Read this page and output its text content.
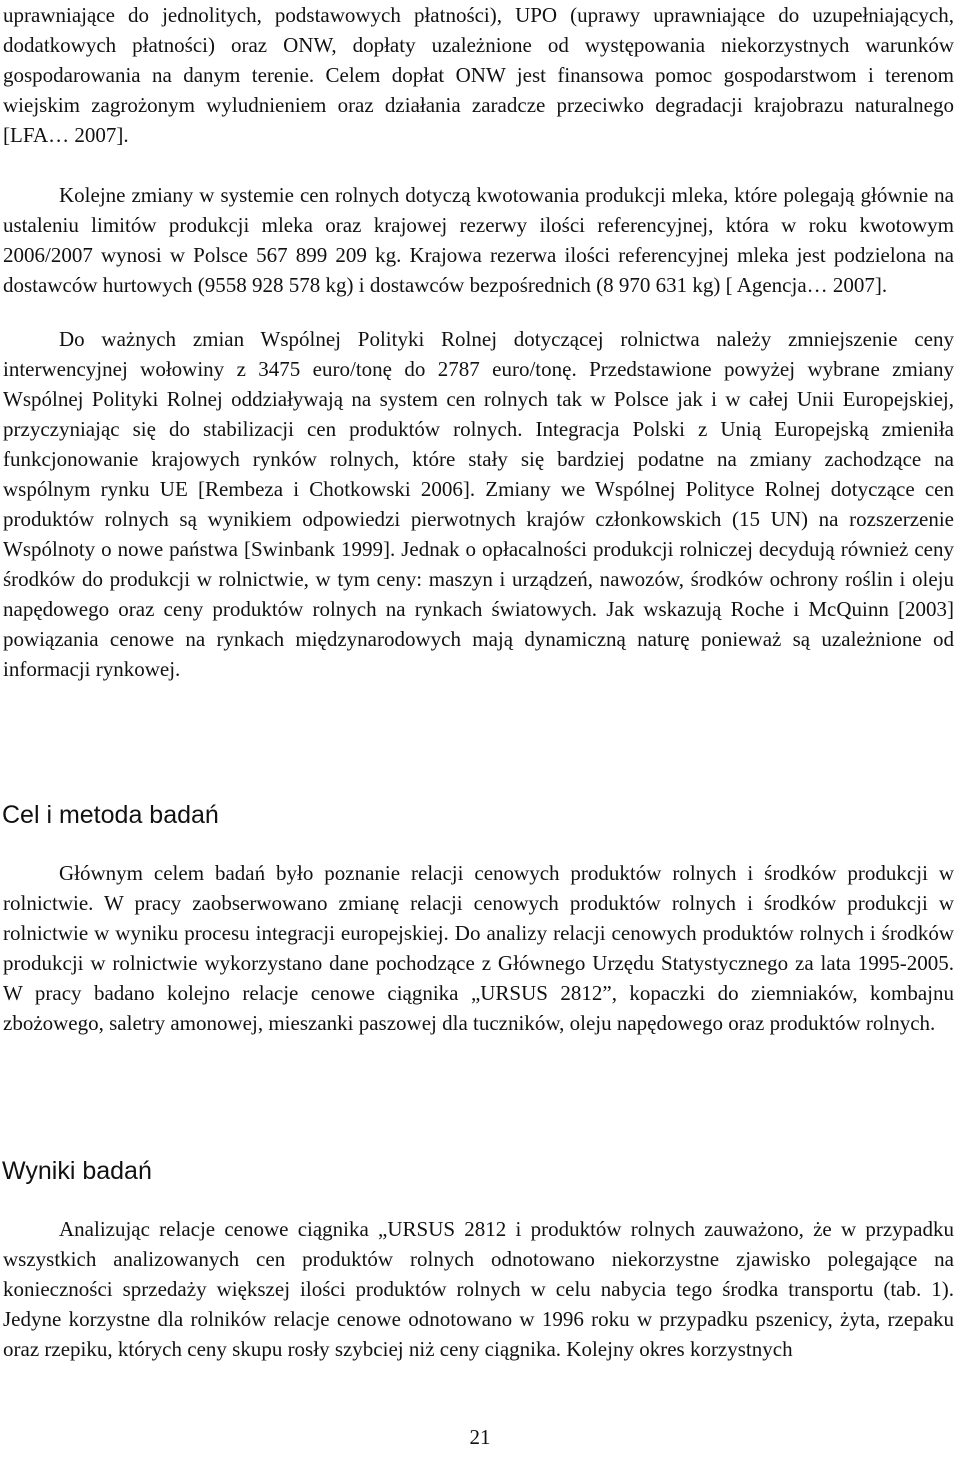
uprawniające do jednolitych, podstawowych płatności), UPO (uprawy uprawniające do uzupełniających, dodatkowych płatności) oraz ONW, dopłaty uzależnione od występowania niekorzystnych warunków gospodarowania na danym terenie. Celem dopłat ONW jest finansowa pomoc gospodarstwom i terenom wiejskim zagrożonym wyludnieniem oraz działania zaradcze przeciwko degradacji krajobrazu naturalnego [LFA… 2007].

Kolejne zmiany w systemie cen rolnych dotyczą kwotowania produkcji mleka, które polegają głównie na ustaleniu limitów produkcji mleka oraz krajowej rezerwy ilości referencyjnej, która w roku kwotowym 2006/2007 wynosi w Polsce 567 899 209 kg. Krajowa rezerwa ilości referencyjnej mleka jest podzielona na dostawców hurtowych (9558 928 578 kg) i dostawców bezpośrednich (8 970 631 kg) [ Agencja… 2007].

Do ważnych zmian Wspólnej Polityki Rolnej dotyczącej rolnictwa należy zmniejszenie ceny interwencyjnej wołowiny z 3475 euro/tonę do 2787 euro/tonę. Przedstawione powyżej wybrane zmiany Wspólnej Polityki Rolnej oddziaływają na system cen rolnych tak w Polsce jak i w całej Unii Europejskiej, przyczyniając się do stabilizacji cen produktów rolnych. Integracja Polski z Unią Europejską zmieniła funkcjonowanie krajowych rynków rolnych, które stały się bardziej podatne na zmiany zachodzące na wspólnym rynku UE [Rembeza i Chotkowski 2006]. Zmiany we Wspólnej Polityce Rolnej dotyczące cen produktów rolnych są wynikiem odpowiedzi pierwotnych krajów członkowskich (15 UN) na rozszerzenie Wspólnoty o nowe państwa [Swinbank 1999]. Jednak o opłacalności produkcji rolniczej decydują również ceny środków do produkcji w rolnictwie, w tym ceny: maszyn i urządzeń, nawozów, środków ochrony roślin i oleju napędowego oraz ceny produktów rolnych na rynkach światowych. Jak wskazują Roche i McQuinn [2003] powiązania cenowe na rynkach międzynarodowych mają dynamiczną naturę ponieważ są uzależnione od informacji rynkowej.

Cel i metoda badań

Głównym celem badań było poznanie relacji cenowych produktów rolnych i środków produkcji w rolnictwie. W pracy zaobserwowano zmianę relacji cenowych produktów rolnych i środków produkcji w rolnictwie w wyniku procesu integracji europejskiej. Do analizy relacji cenowych produktów rolnych i środków produkcji w rolnictwie wykorzystano dane pochodzące z Głównego Urzędu Statystycznego za lata 1995-2005. W pracy badano kolejno relacje cenowe ciągnika „URSUS 2812”, kopaczki do ziemniaków, kombajnu zbożowego, saletry amonowej, mieszanki paszowej dla tuczników, oleju napędowego oraz produktów rolnych.

Wyniki badań

Analizując relacje cenowe ciągnika „URSUS 2812 i produktów rolnych zauważono, że w przypadku wszystkich analizowanych cen produktów rolnych odnotowano niekorzystne zjawisko polegające na konieczności sprzedaży większej ilości produktów rolnych w celu nabycia tego środka transportu (tab. 1). Jedyne korzystne dla rolników relacje cenowe odnotowano w 1996 roku w przypadku pszenicy, żyta, rzepaku oraz rzepiku, których ceny skupu rosły szybciej niż ceny ciągnika. Kolejny okres korzystnych

21
